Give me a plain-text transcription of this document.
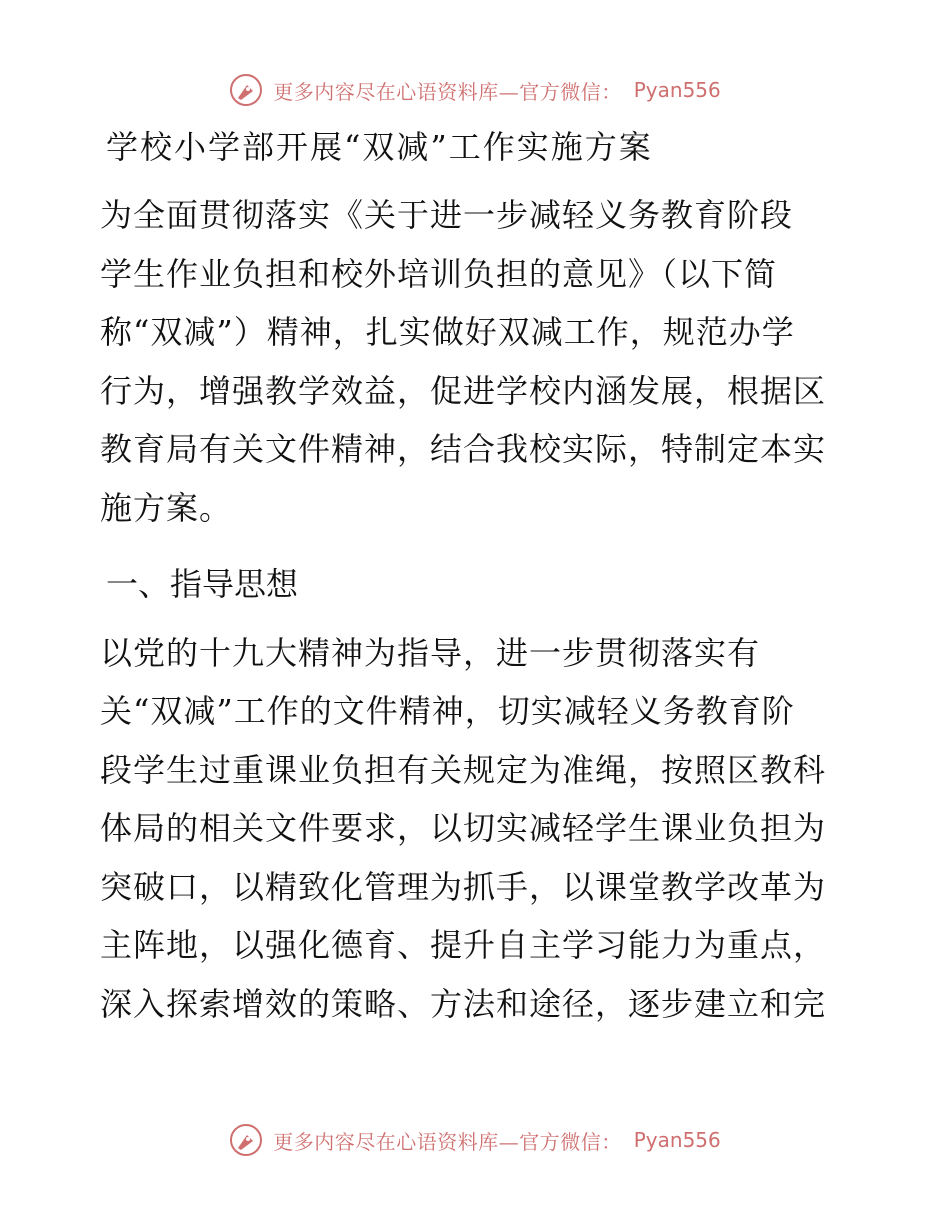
更多内容尽在心语资料库—官方微信： Pyan556
学校小学部开展“双减”工作实施方案

为全面贯彻落实《关于进一步减轻义务教育阶段
学生作业负担和校外培训负担的意见》（以下简
称“双减”）精神，扎实做好双减工作，规范办学
行为，增强教学效益，促进学校内涵发展，根据区
教育局有关文件精神，结合我校实际，特制定本实
施方案。

一、指导思想

以党的十九大精神为指导，进一步贯彻落实有
关“双减”工作的文件精神，切实减轻义务教育阶
段学生过重课业负担有关规定为准绳，按照区教科
体局的相关文件要求，以切实减轻学生课业负担为
突破口，以精致化管理为抓手，以课堂教学改革为
主阵地，以强化德育、提升自主学习能力为重点，
深入探索增效的策略、方法和途径，逐步建立和完

更多内容尽在心语资料库—官方微信： Pyan556
